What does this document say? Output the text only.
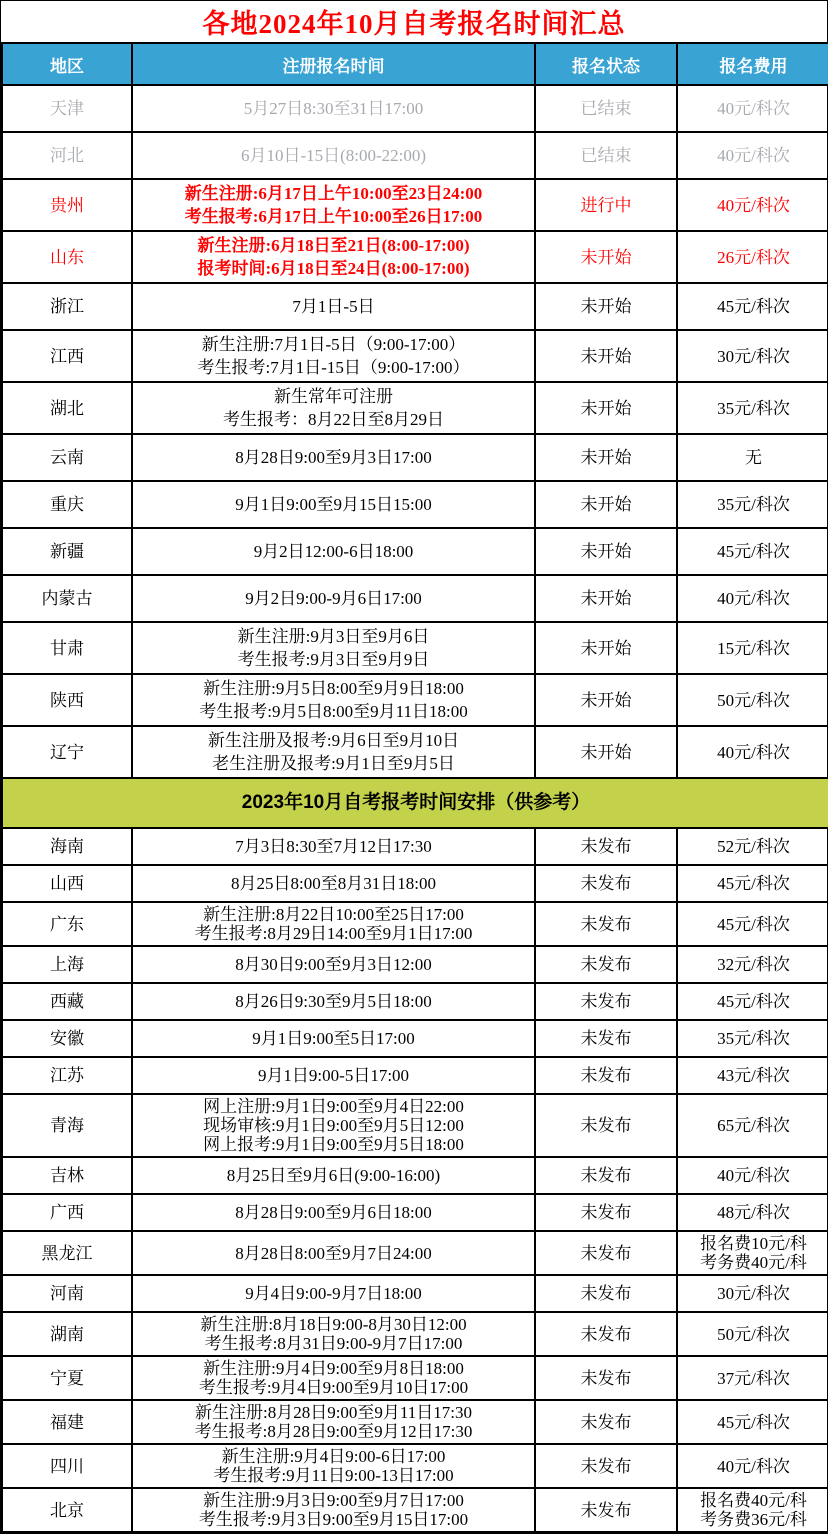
各地2024年10月自考报名时间汇总
地区	注册报名时间	报名状态	报名费用
天津	5月27日8:30至31日17:00	已结束	40元/科次

河北	6月10日-15日(8:00-22:00)	已结束	40元/科次

贵州	新生注册:6月17日上午10:00至23日24:00
考生报考:6月17日上午10:00至26日17:00	进行中	40元/科次

山东	新生注册:6月18日至21日(8:00-17:00)
报考时间:6月18日至24日(8:00-17:00)	未开始	26元/科次

浙江	7月1日-5日	未开始	45元/科次

江西	新生注册:7月1日-5日（9:00-17:00）
考生报考:7月1日-15日（9:00-17:00）	未开始	30元/科次

湖北	新生常年可注册
考生报考：8月22日至8月29日	未开始	35元/科次

云南	8月28日9:00至9月3日17:00	未开始	无

重庆	9月1日9:00至9月15日15:00	未开始	35元/科次

新疆	9月2日12:00-6日18:00	未开始	45元/科次

内蒙古	9月2日9:00-9月6日17:00	未开始	40元/科次

甘肃	新生注册:9月3日至9月6日
考生报考:9月3日至9月9日	未开始	15元/科次

陕西	新生注册:9月5日8:00至9月9日18:00
考生报考:9月5日8:00至9月11日18:00	未开始	50元/科次

辽宁	新生注册及报考:9月6日至9月10日
老生注册及报考:9月1日至9月5日	未开始	40元/科次

2023年10月自考报考时间安排（供参考）			
海南	7月3日8:30至7月12日17:30	未发布	52元/科次

山西	8月25日8:00至8月31日18:00	未发布	45元/科次

广东	新生注册:8月22日10:00至25日17:00
考生报考:8月29日14:00至9月1日17:00	未发布	45元/科次

上海	8月30日9:00至9月3日12:00	未发布	32元/科次

西藏	8月26日9:30至9月5日18:00	未发布	45元/科次

安徽	9月1日9:00至5日17:00	未发布	35元/科次

江苏	9月1日9:00-5日17:00	未发布	43元/科次

青海	网上注册:9月1日9:00至9月4日22:00
现场审核:9月1日9:00至9月5日12:00
网上报考:9月1日9:00至9月5日18:00	未发布	65元/科次

吉林	8月25日至9月6日(9:00-16:00)	未发布	40元/科次

广西	8月28日9:00至9月6日18:00	未发布	48元/科次

黑龙江	8月28日8:00至9月7日24:00	未发布	报名费10元/科
考务费40元/科

河南	9月4日9:00-9月7日18:00	未发布	30元/科次

湖南	新生注册:8月18日9:00-8月30日12:00
考生报考:8月31日9:00-9月7日17:00	未发布	50元/科次

宁夏	新生注册:9月4日9:00至9月8日18:00
考生报考:9月4日9:00至9月10日17:00	未发布	37元/科次

福建	新生注册:8月28日9:00至9月11日17:30
考生报考:8月28日9:00至9月12日17:30	未发布	45元/科次

四川	新生注册:9月4日9:00-6日17:00
考生报考:9月11日9:00-13日17:00	未发布	40元/科次

北京	新生注册:9月3日9:00至9月7日17:00
考生报考:9月3日9:00至9月15日17:00	未发布	报名费40元/科
考务费36元/科
